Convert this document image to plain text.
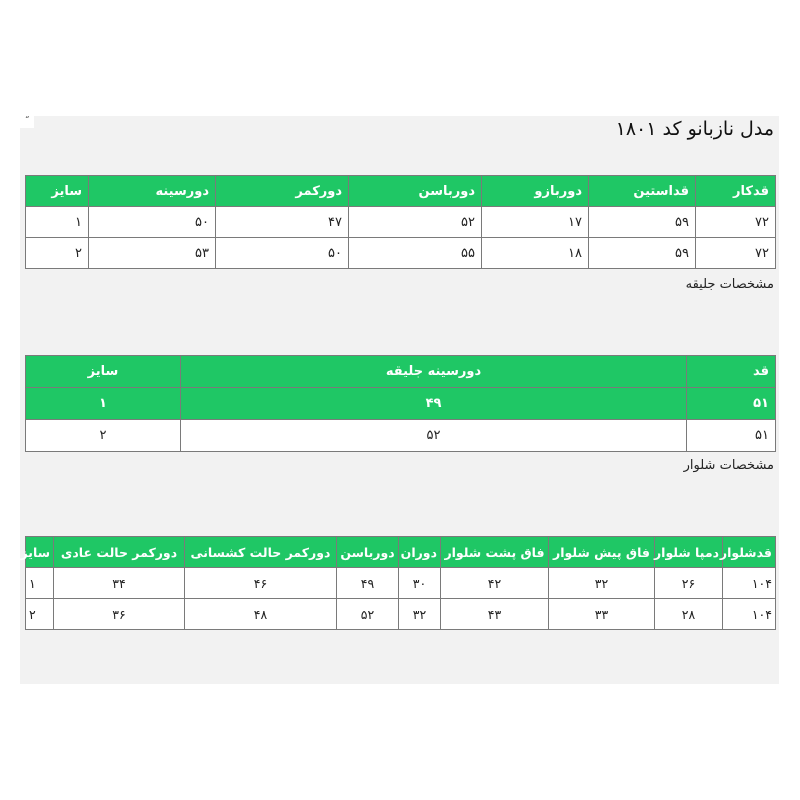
˝	مدل نازبانو کد ۱۸۰۱
قدکار	قداستین	دوربازو	دورباسن	دورکمر	دورسینه	سایز
۷۲	۵۹	۱۷	۵۲	۴۷	۵۰	۱
۷۲	۵۹	۱۸	۵۵	۵۰	۵۳	۲
مشخصات جلیقه
قد	دورسینه جلیقه	سایز
۵۱	۴۹	۱
۵۱	۵۲	۲
مشخصات شلوار
قدشلوار	دمپا شلوار	فاق پیش شلوار	فاق پشت شلوار	دوران	دورباسن	دورکمر حالت کشسانی	دورکمر حالت عادی	سایز
۱۰۴	۲۶	۳۲	۴۲	۳۰	۴۹	۴۶	۳۴	۱
۱۰۴	۲۸	۳۳	۴۳	۳۲	۵۲	۴۸	۳۶	۲
